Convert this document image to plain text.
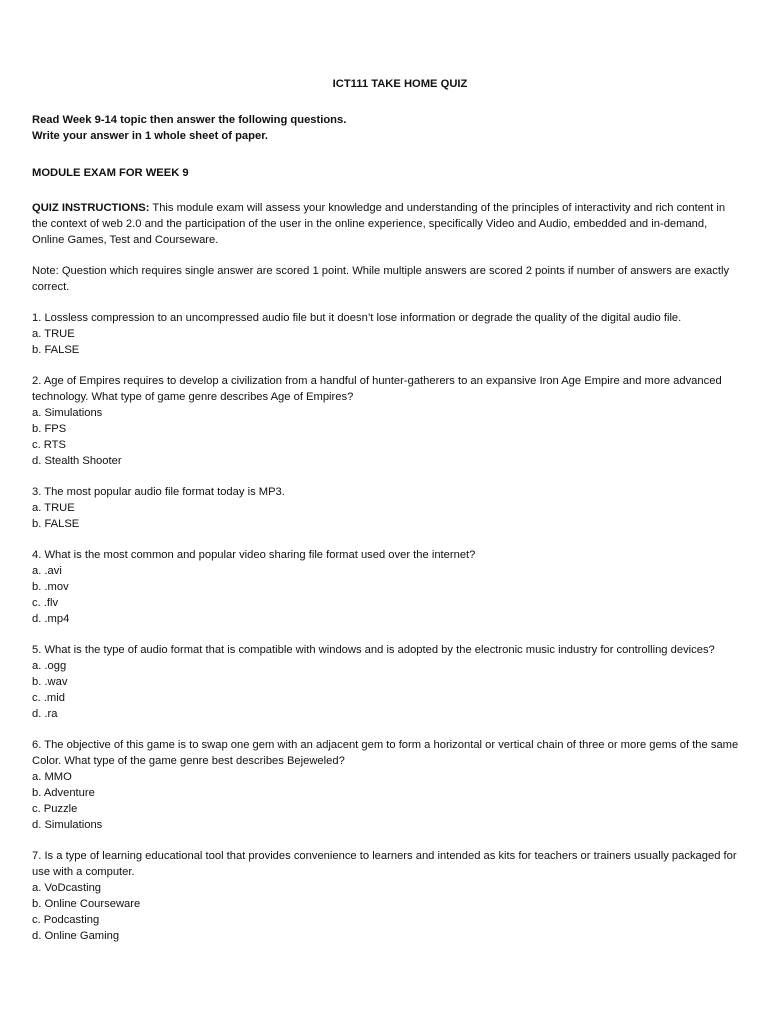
ICT111 TAKE HOME QUIZ
Read Week 9-14 topic then answer the following questions.
Write your answer in 1 whole sheet of paper.
MODULE EXAM FOR WEEK 9
QUIZ INSTRUCTIONS: This module exam will assess your knowledge and understanding of the principles of interactivity and rich content in the context of web 2.0 and the participation of the user in the online experience, specifically Video and Audio, embedded and in-demand, Online Games, Test and Courseware.
Note: Question which requires single answer are scored 1 point. While multiple answers are scored 2 points if number of answers are exactly correct.
1. Lossless compression to an uncompressed audio file but it doesn’t lose information or degrade the quality of the digital audio file.
a. TRUE
b. FALSE
2. Age of Empires requires to develop a civilization from a handful of hunter-gatherers to an expansive Iron Age Empire and more advanced technology. What type of game genre describes Age of Empires?
a. Simulations
b. FPS
c. RTS
d. Stealth Shooter
3. The most popular audio file format today is MP3.
a. TRUE
b. FALSE
4. What is the most common and popular video sharing file format used over the internet?
a. .avi
b. .mov
c. .flv
d. .mp4
5. What is the type of audio format that is compatible with windows and is adopted by the electronic music industry for controlling devices?
a. .ogg
b. .wav
c. .mid
d. .ra
6. The objective of this game is to swap one gem with an adjacent gem to form a horizontal or vertical chain of three or more gems of the same Color. What type of the game genre best describes Bejeweled?
a. MMO
b. Adventure
c. Puzzle
d. Simulations
7. Is a type of learning educational tool that provides convenience to learners and intended as kits for teachers or trainers usually packaged for use with a computer.
a. VoDcasting
b. Online Courseware
c. Podcasting
d. Online Gaming
